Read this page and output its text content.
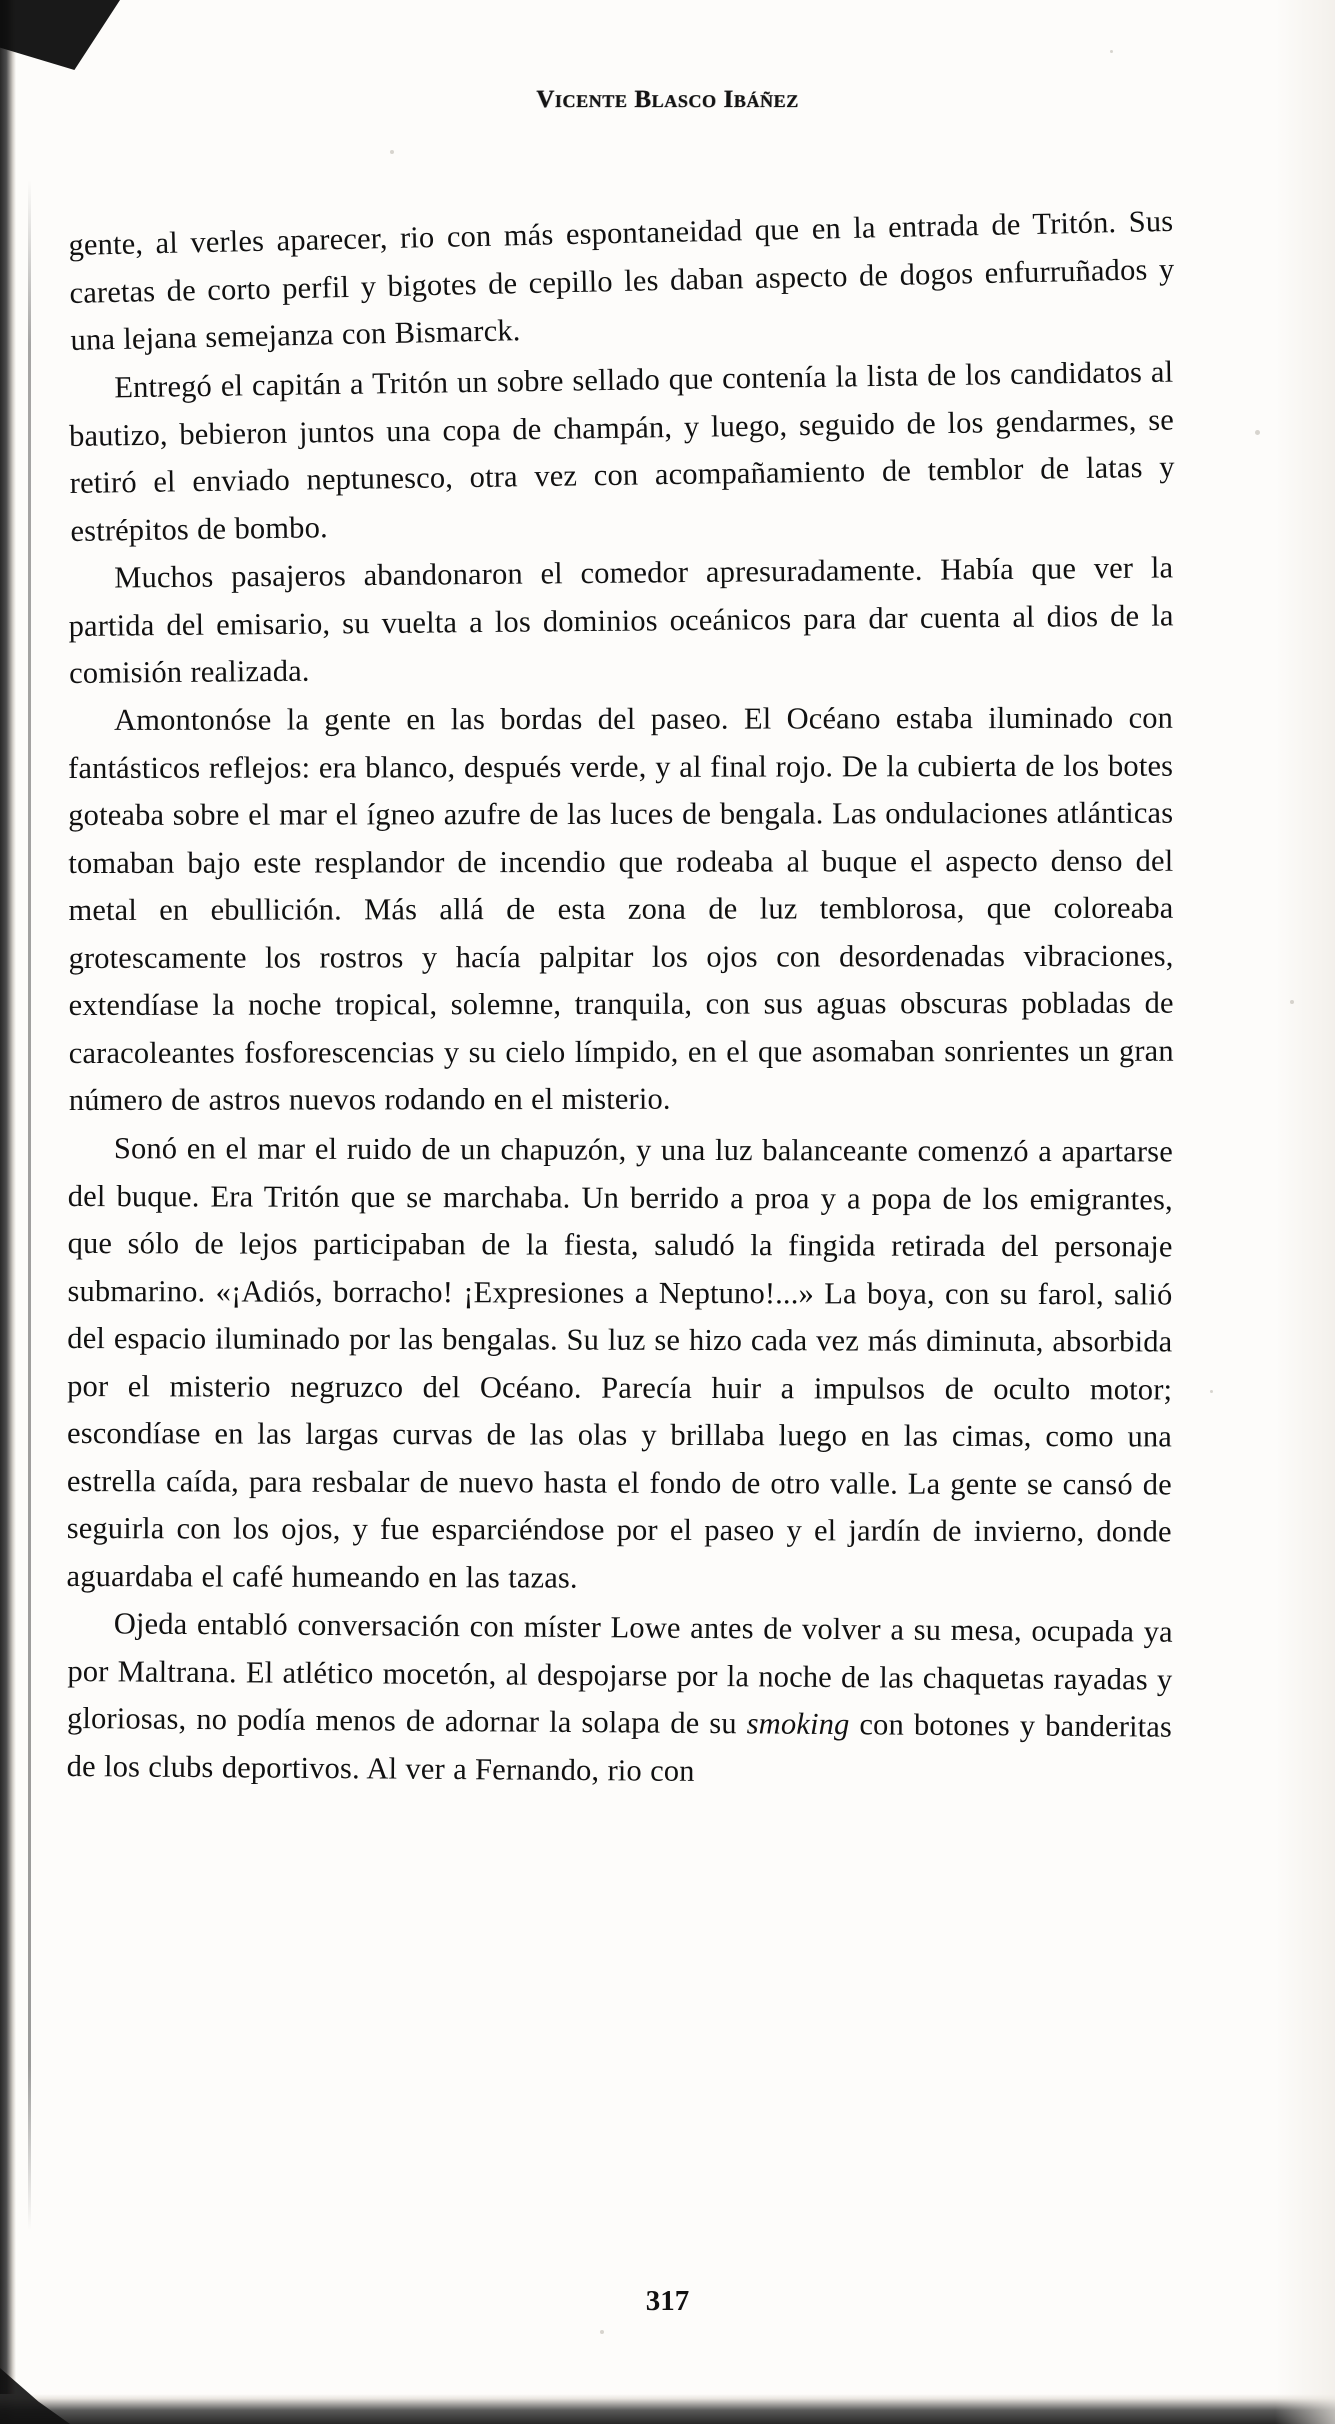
Vicente Blasco Ibáñez

gente, al verles aparecer, rio con más espontaneidad que en la entrada de Tritón. Sus caretas de corto perfil y bigotes de cepillo les daban aspecto de dogos enfurruñados y una lejana semejanza con Bismarck.

Entregó el capitán a Tritón un sobre sellado que contenía la lista de los candidatos al bautizo, bebieron juntos una copa de champán, y luego, seguido de los gendarmes, se retiró el enviado neptunesco, otra vez con acompañamiento de temblor de latas y estrépitos de bombo.

Muchos pasajeros abandonaron el comedor apresuradamente. Había que ver la partida del emisario, su vuelta a los dominios oceánicos para dar cuenta al dios de la comisión realizada.

Amontonóse la gente en las bordas del paseo. El Océano estaba iluminado con fantásticos reflejos: era blanco, después verde, y al final rojo. De la cubierta de los botes goteaba sobre el mar el ígneo azufre de las luces de bengala. Las ondulaciones atlánticas tomaban bajo este resplandor de incendio que rodeaba al buque el aspecto denso del metal en ebullición. Más allá de esta zona de luz temblorosa, que coloreaba grotescamente los rostros y hacía palpitar los ojos con desordenadas vibraciones, extendíase la noche tropical, solemne, tranquila, con sus aguas obscuras pobladas de caracoleantes fosforescencias y su cielo límpido, en el que asomaban sonrientes un gran número de astros nuevos rodando en el misterio.

Sonó en el mar el ruido de un chapuzón, y una luz balanceante comenzó a apartarse del buque. Era Tritón que se marchaba. Un berrido a proa y a popa de los emigrantes, que sólo de lejos participaban de la fiesta, saludó la fingida retirada del personaje submarino. «¡Adiós, borracho! ¡Expresiones a Neptuno!...» La boya, con su farol, salió del espacio iluminado por las bengalas. Su luz se hizo cada vez más diminuta, absorbida por el misterio negruzco del Océano. Parecía huir a impulsos de oculto motor; escondíase en las largas curvas de las olas y brillaba luego en las cimas, como una estrella caída, para resbalar de nuevo hasta el fondo de otro valle. La gente se cansó de seguirla con los ojos, y fue esparciéndose por el paseo y el jardín de invierno, donde aguardaba el café humeando en las tazas.

Ojeda entabló conversación con míster Lowe antes de volver a su mesa, ocupada ya por Maltrana. El atlético mocetón, al despojarse por la noche de las chaquetas rayadas y gloriosas, no podía menos de adornar la solapa de su smoking con botones y banderitas de los clubs deportivos. Al ver a Fernando, rio con

317
